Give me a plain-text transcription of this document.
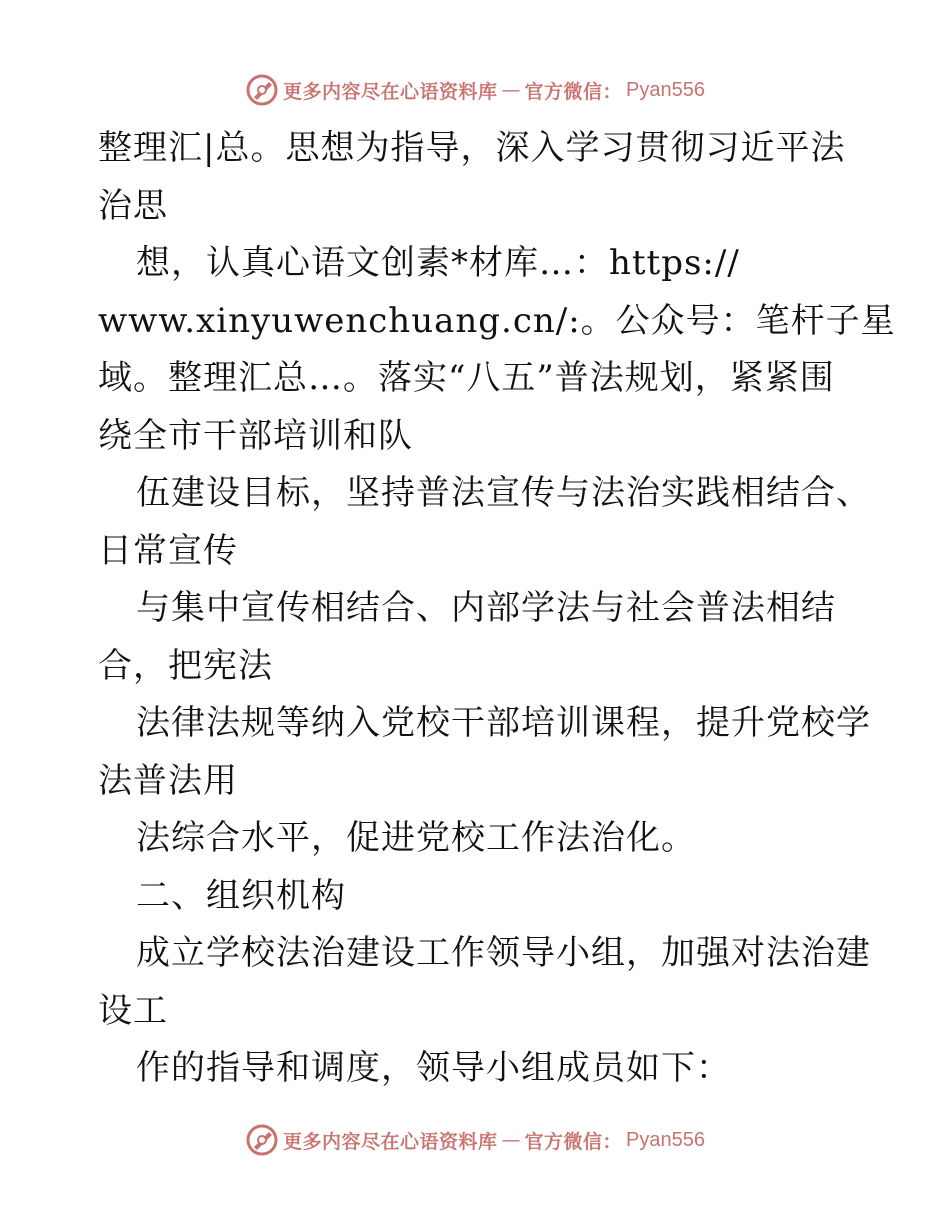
更多内容尽在心语资料库 — 官方微信： Pyan556
整理汇|总。思想为指导，深入学习贯彻习近平法
治思
想，认真心语文创素*材库…：https://
www.xinyuwenchuang.cn/:。公众号：笔杆子星
域。整理汇总…。落实“八五”普法规划，紧紧围
绕全市干部培训和队
伍建设目标，坚持普法宣传与法治实践相结合、
日常宣传
与集中宣传相结合、内部学法与社会普法相结
合，把宪法
法律法规等纳入党校干部培训课程，提升党校学
法普法用
法综合水平，促进党校工作法治化。
二、组织机构
成立学校法治建设工作领导小组，加强对法治建
设工
作的指导和调度，领导小组成员如下：
更多内容尽在心语资料库 — 官方微信： Pyan556
